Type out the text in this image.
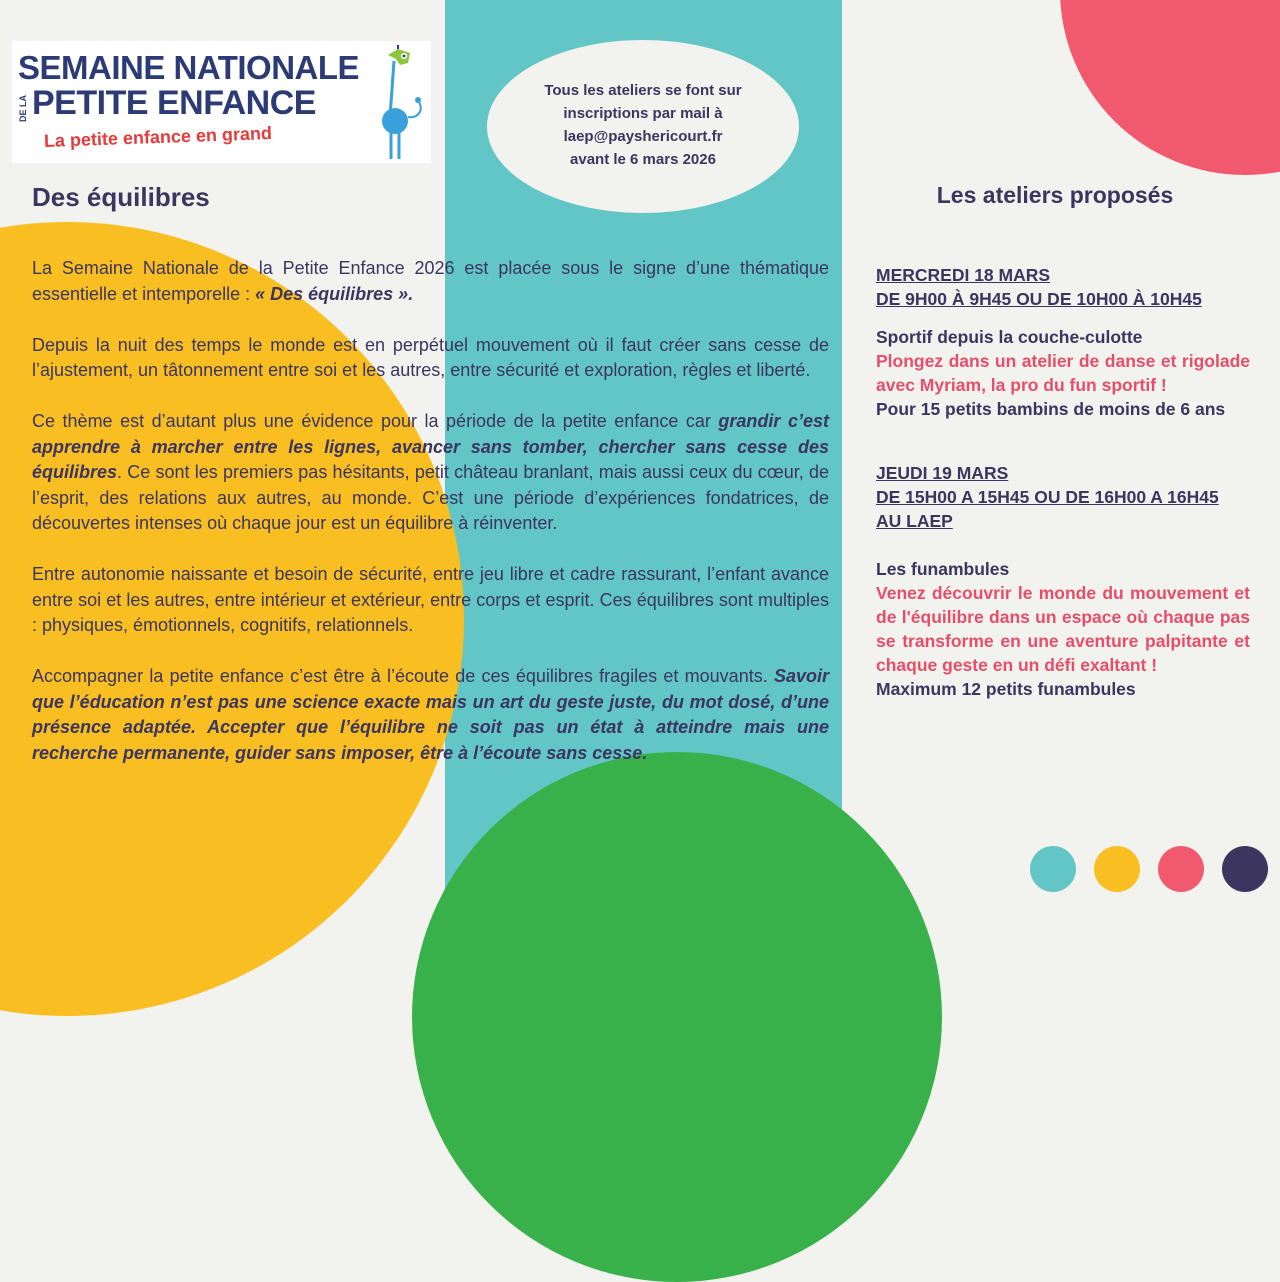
SEMAINE NATIONALE
DE LA PETITE ENFANCE
La petite enfance en grand
Tous les ateliers se font sur
inscriptions par mail à
laep@payshericourt.fr
avant le 6 mars 2026
Des équilibres

La Semaine Nationale de la Petite Enfance 2026 est placée sous le signe d’une thématique essentielle et intemporelle : « Des équilibres ».

Depuis la nuit des temps le monde est en perpétuel mouvement où il faut créer sans cesse de l’ajustement, un tâtonnement entre soi et les autres, entre sécurité et exploration, règles et liberté.

Ce thème est d’autant plus une évidence pour la période de la petite enfance car grandir c’est apprendre à marcher entre les lignes, avancer sans tomber, chercher sans cesse des équilibres. Ce sont les premiers pas hésitants, petit château branlant, mais aussi ceux du cœur, de l’esprit, des relations aux autres, au monde. C’est une période d’expériences fondatrices, de découvertes intenses où chaque jour est un équilibre à réinventer.

Entre autonomie naissante et besoin de sécurité, entre jeu libre et cadre rassurant, l’enfant avance entre soi et les autres, entre intérieur et extérieur, entre corps et esprit. Ces équilibres sont multiples : physiques, émotionnels, cognitifs, relationnels.

Accompagner la petite enfance c’est être à l’écoute de ces équilibres fragiles et mouvants. Savoir que l’éducation n’est pas une science exacte mais un art du geste juste, du mot dosé, d’une présence adaptée. Accepter que l’équilibre ne soit pas un état à atteindre mais une recherche permanente, guider sans imposer, être à l’écoute sans cesse.

Les ateliers proposés

MERCREDI 18 MARS

DE 9H00 À 9H45 OU DE 10H00 À 10H45

Sportif depuis la couche-culotte

Plongez dans un atelier de danse et rigolade avec Myriam, la pro du fun sportif !

Pour 15 petits bambins de moins de 6 ans

JEUDI 19 MARS

DE 15H00 A 15H45 OU DE 16H00 A 16H45

AU LAEP

Les funambules

Venez découvrir le monde du mouvement et de l'équilibre dans un espace où chaque pas se transforme en une aventure palpitante et chaque geste en un défi exaltant !

Maximum 12 petits funambules
